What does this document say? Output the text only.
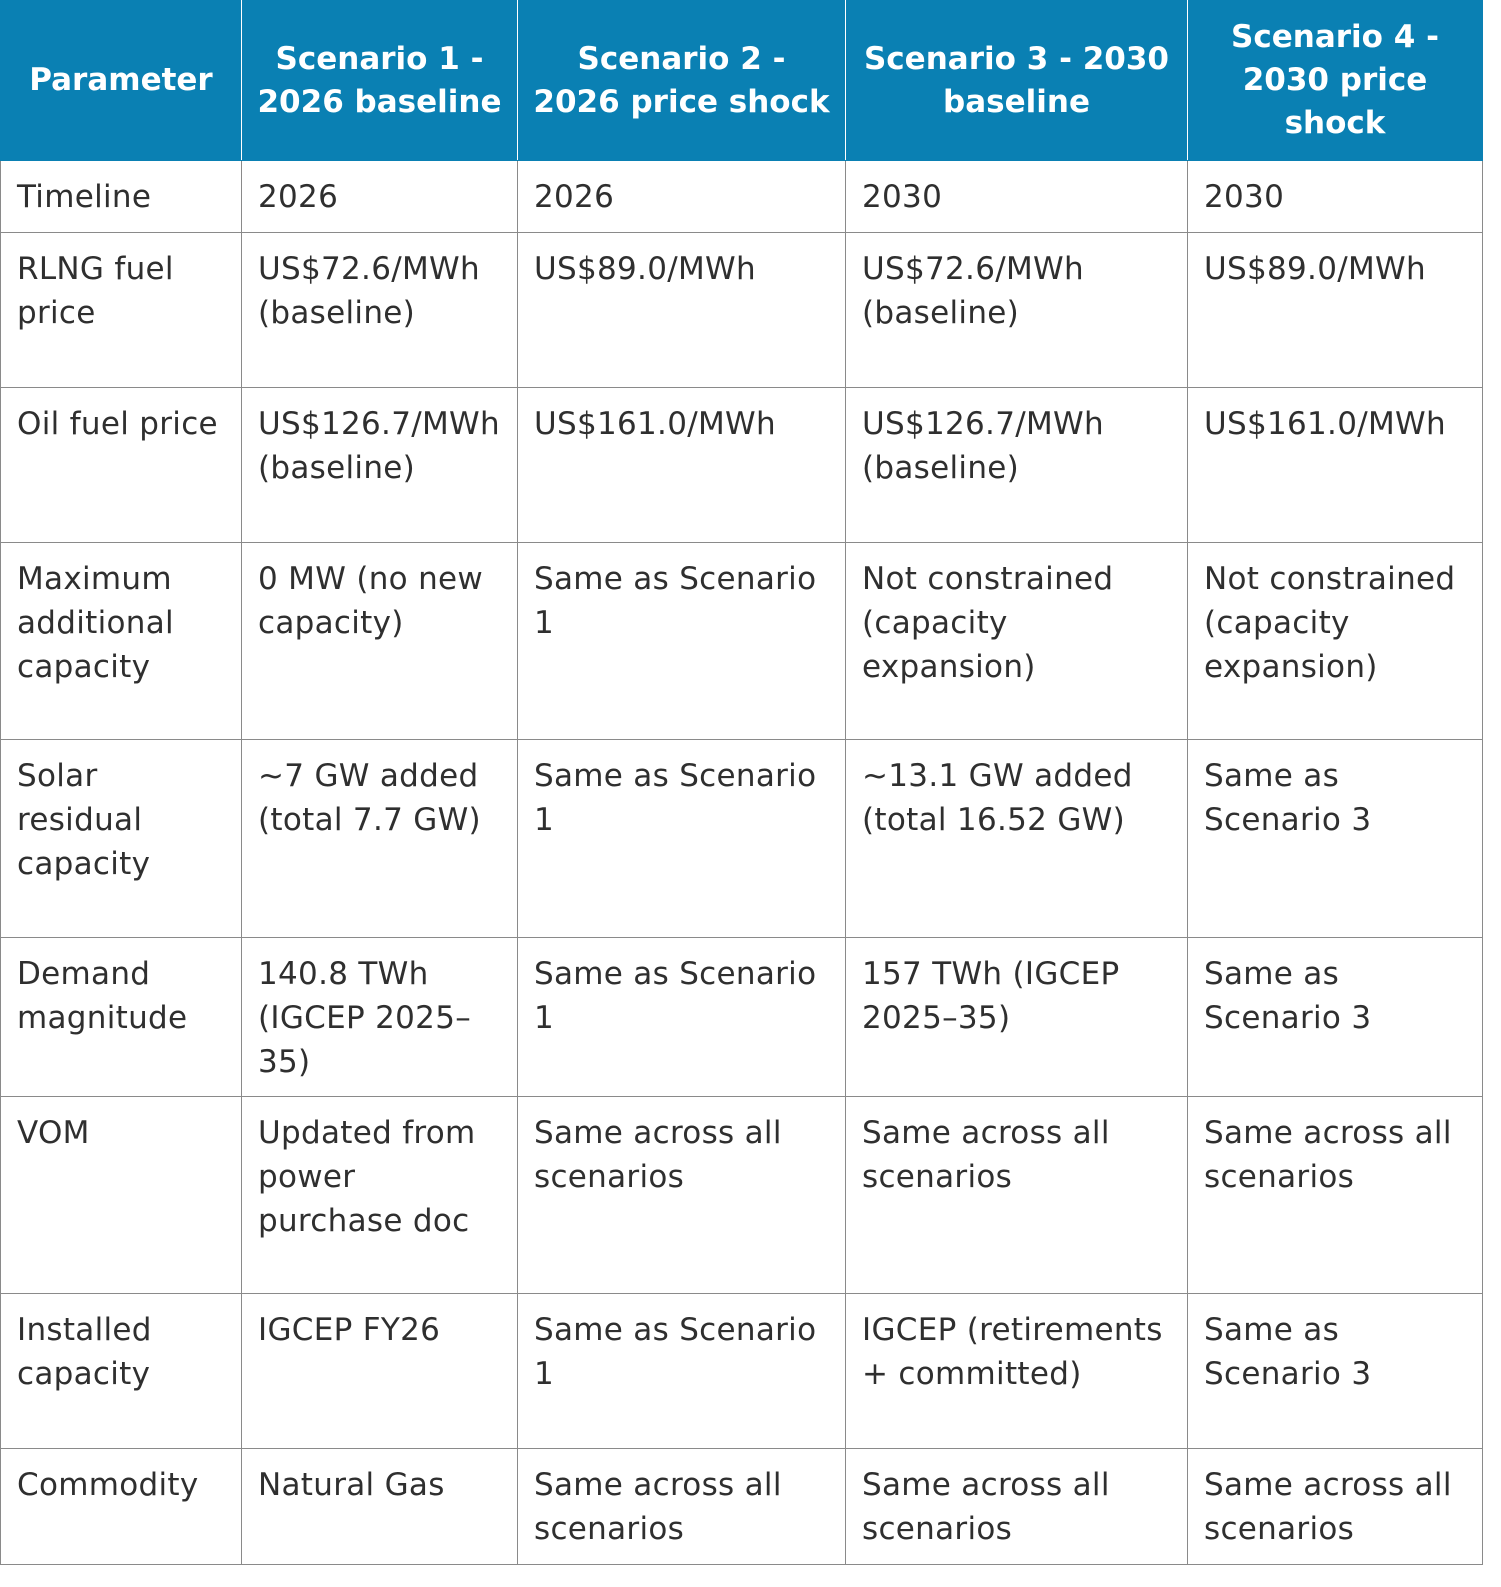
Parameter	Scenario 1 - 2026 baseline	Scenario 2 - 2026 price shock	Scenario 3 - 2030 baseline	Scenario 4 - 2030 price shock
Timeline	2026	2026	2030	2030
RLNG fuel price	US$72.6/MWh (baseline)	US$89.0/MWh	US$72.6/MWh (baseline)	US$89.0/MWh
Oil fuel price	US$126.7/MWh (baseline)	US$161.0/MWh	US$126.7/MWh (baseline)	US$161.0/MWh
Maximum additional capacity	0 MW (no new capacity)	Same as Scenario 1	Not constrained (capacity expansion)	Not constrained (capacity expansion)
Solar residual capacity	~7 GW added (total 7.7 GW)	Same as Scenario 1	~13.1 GW added (total 16.52 GW)	Same as Scenario 3
Demand magnitude	140.8 TWh (IGCEP 2025–35)	Same as Scenario 1	157 TWh (IGCEP 2025–35)	Same as Scenario 3
VOM	Updated from power purchase doc	Same across all scenarios	Same across all scenarios	Same across all scenarios
Installed capacity	IGCEP FY26	Same as Scenario 1	IGCEP (retirements + committed)	Same as Scenario 3
Commodity	Natural Gas	Same across all scenarios	Same across all scenarios	Same across all scenarios
